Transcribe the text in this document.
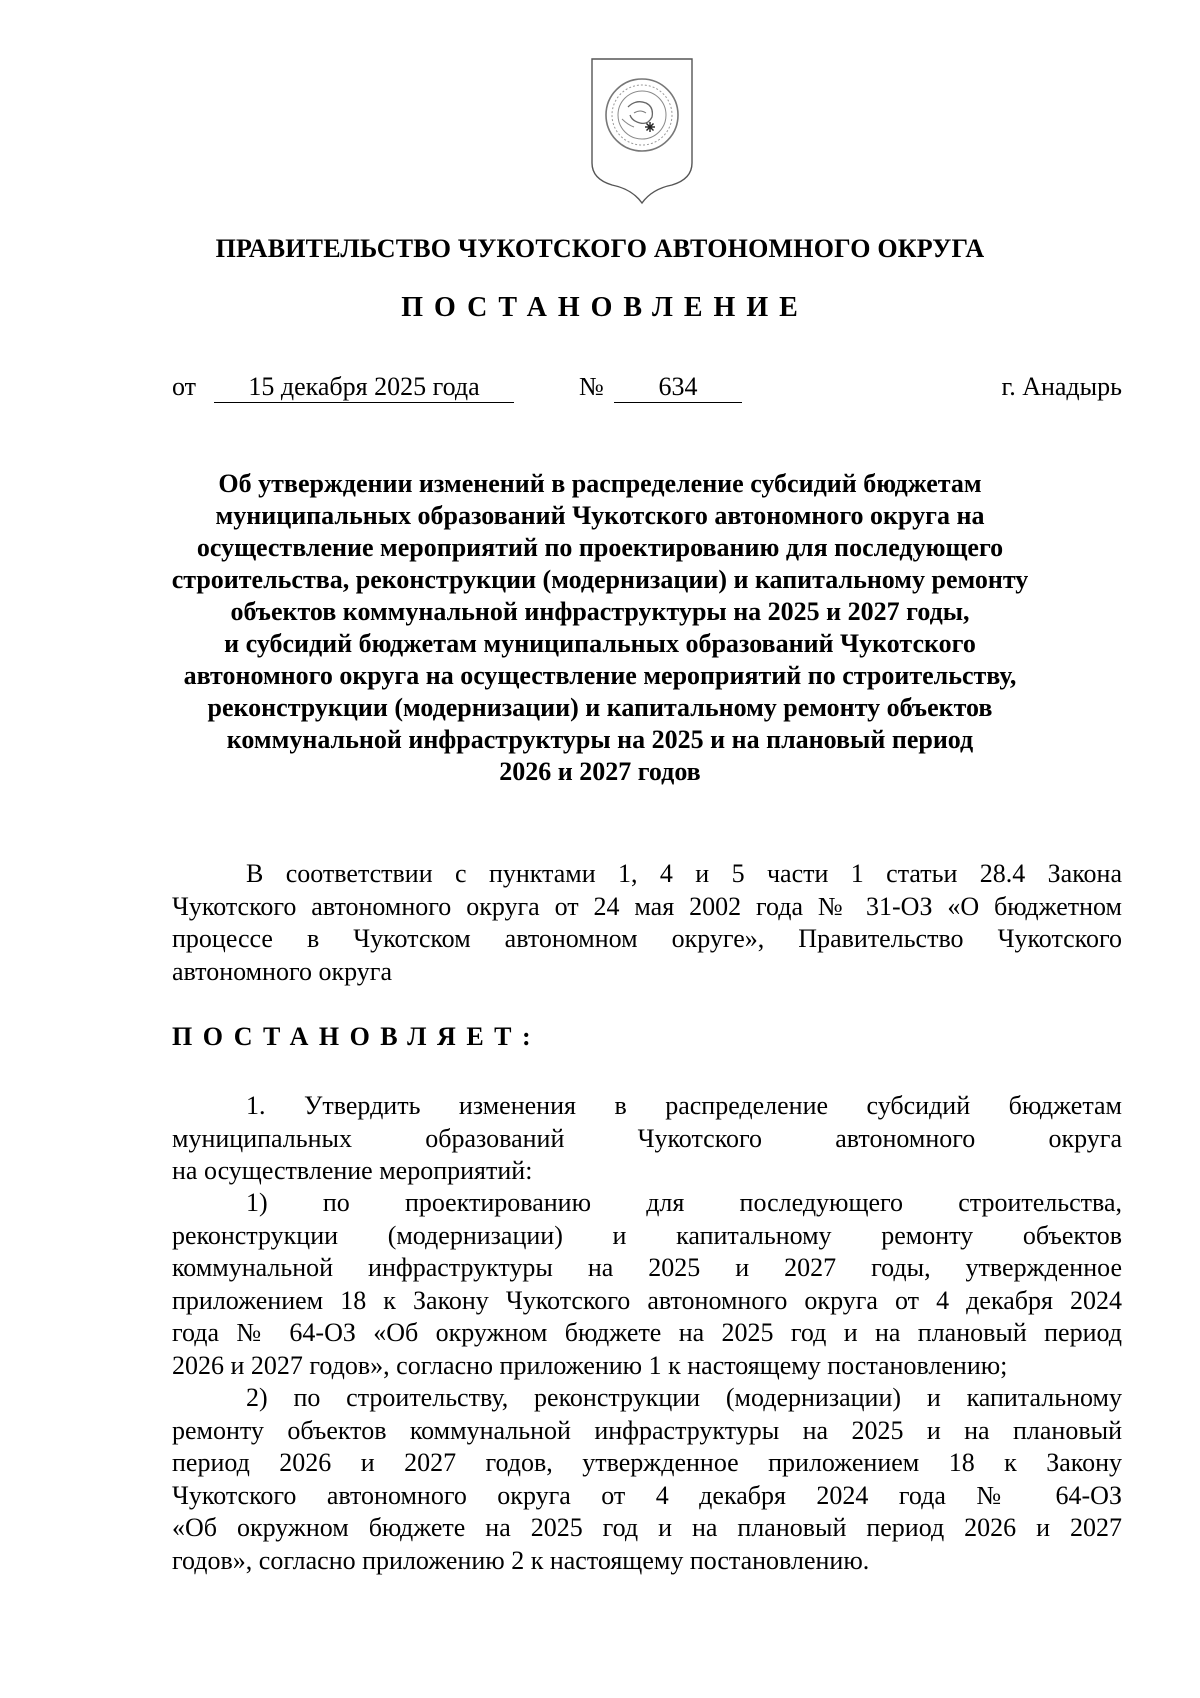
ПРАВИТЕЛЬСТВО ЧУКОТСКОГО АВТОНОМНОГО ОКРУГА
ПОСТАНОВЛЕНИЕ
от	15 декабря 2025 года	№	634	г. Анадырь
Об утверждении изменений в распределение субсидий бюджетам
муниципальных образований Чукотского автономного округа на
осуществление мероприятий по проектированию для последующего
строительства, реконструкции (модернизации) и капитальному ремонту
объектов коммунальной инфраструктуры на 2025 и 2027 годы,
и субсидий бюджетам муниципальных образований Чукотского
автономного округа на осуществление мероприятий по строительству,
реконструкции (модернизации) и капитальному ремонту объектов
коммунальной инфраструктуры на 2025 и на плановый период
2026 и 2027 годов
В соответствии с пунктами 1, 4 и 5 части 1 статьи 28.4 Закона
Чукотского автономного округа от 24 мая 2002 года № 31-ОЗ «О бюджетном
процессе в Чукотском автономном округе», Правительство Чукотского
автономного округа
ПОСТАНОВЛЯЕТ:
1. Утвердить изменения в распределение субсидий бюджетам
муниципальных образований Чукотского автономного округа
на осуществление мероприятий:
1) по проектированию для последующего строительства,
реконструкции (модернизации) и капитальному ремонту объектов
коммунальной инфраструктуры на 2025 и 2027 годы, утвержденное
приложением 18 к Закону Чукотского автономного округа от 4 декабря 2024
года № 64-ОЗ «Об окружном бюджете на 2025 год и на плановый период
2026 и 2027 годов», согласно приложению 1 к настоящему постановлению;
2) по строительству, реконструкции (модернизации) и капитальному
ремонту объектов коммунальной инфраструктуры на 2025 и на плановый
период 2026 и 2027 годов, утвержденное приложением 18 к Закону
Чукотского автономного округа от 4 декабря 2024 года № 64-ОЗ
«Об окружном бюджете на 2025 год и на плановый период 2026 и 2027
годов», согласно приложению 2 к настоящему постановлению.
